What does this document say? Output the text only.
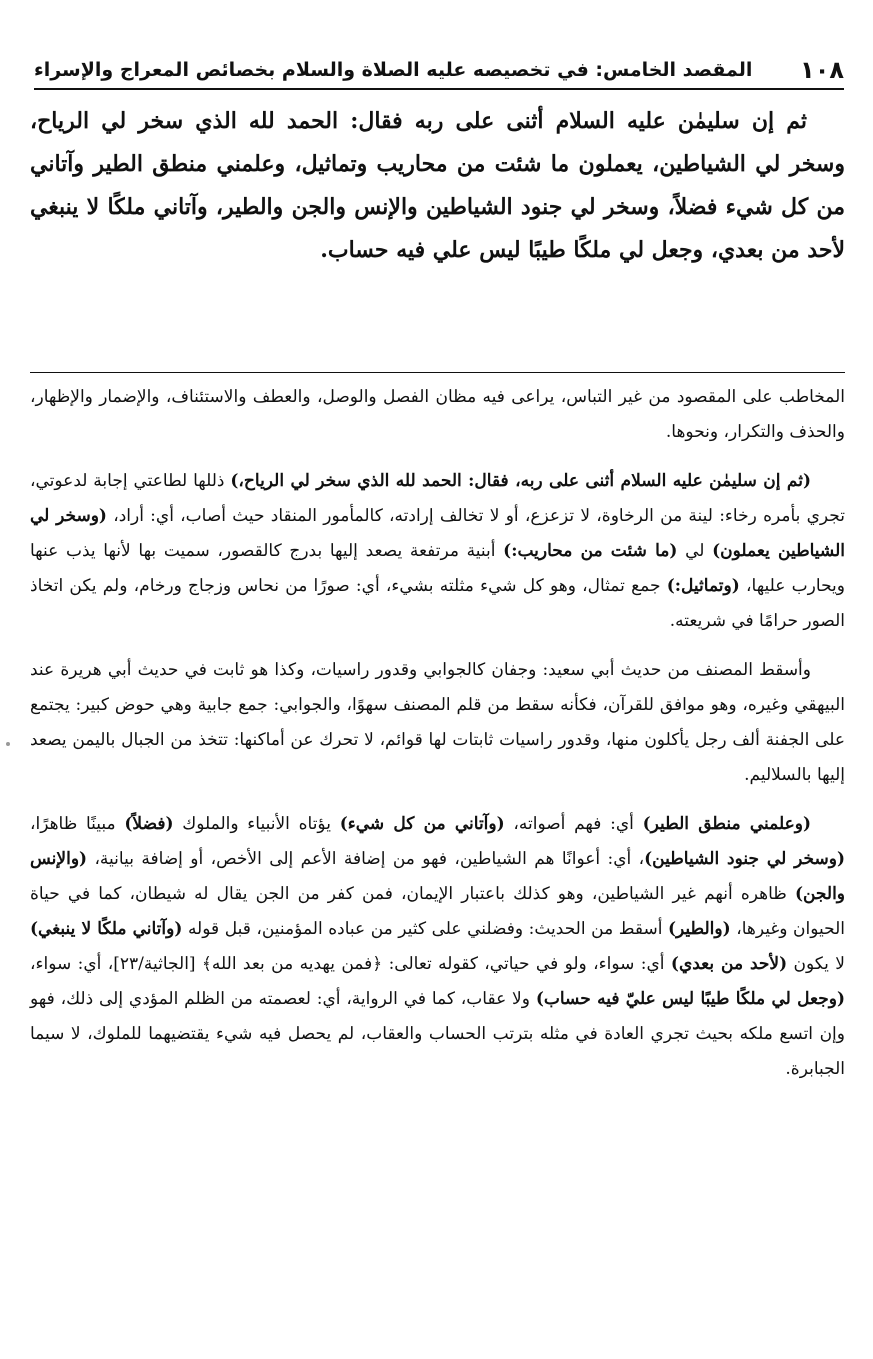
١٠٨
المقصد الخامس: في تخصيصه عليه الصلاة والسلام بخصائص المعراج والإسراء

ثم إن سليمٰن عليه السلام أثنى على ربه فقال: الحمد لله الذي سخر لي الرياح، وسخر لي الشياطين، يعملون ما شئت من محاريب وتماثيل، وعلمني منطق الطير وآتاني من كل شيء فضلاً، وسخر لي جنود الشياطين والإنس والجن والطير، وآتاني ملكًا لا ينبغي لأحد من بعدي، وجعل لي ملكًا طيبًا ليس علي فيه حساب.

المخاطب على المقصود من غير التباس، يراعى فيه مظان الفصل والوصل، والعطف والاستئناف، والإضمار والإظهار، والحذف والتكرار، ونحوها.

(ثم إن سليمٰن عليه السلام أثنى على ربه، فقال: الحمد لله الذي سخر لي الرياح،) ذللها لطاعتي إجابة لدعوتي، تجري بأمره رخاء: لينة من الرخاوة، لا تزعزع، أو لا تخالف إرادته، كالمأمور المنقاد حيث أصاب، أي: أراد، (وسخر لي الشياطين يعملون) لي (ما شئت من محاريب:) أبنية مرتفعة يصعد إليها بدرج كالقصور، سميت بها لأنها يذب عنها ويحارب عليها، (وتماثيل:) جمع تمثال، وهو كل شيء مثلته بشيء، أي: صورًا من نحاس وزجاج ورخام، ولم يكن اتخاذ الصور حرامًا في شريعته.

وأسقط المصنف من حديث أبي سعيد: وجفان كالجوابي وقدور راسيات، وكذا هو ثابت في حديث أبي هريرة عند البيهقي وغيره، وهو موافق للقرآن، فكأنه سقط من قلم المصنف سهوًا، والجوابي: جمع جابية وهي حوض كبير: يجتمع على الجفنة ألف رجل يأكلون منها، وقدور راسيات ثابتات لها قوائم، لا تحرك عن أماكنها: تتخذ من الجبال باليمن يصعد إليها بالسلاليم.

(وعلمني منطق الطير) أي: فهم أصواته، (وآتاني من كل شيء) يؤتاه الأنبياء والملوك (فضلاً) مبينًا ظاهرًا، (وسخر لي جنود الشياطين)، أي: أعوانًا هم الشياطين، فهو من إضافة الأعم إلى الأخص، أو إضافة بيانية، (والإنس والجن) ظاهره أنهم غير الشياطين، وهو كذلك باعتبار الإيمان، فمن كفر من الجن يقال له شيطان، كما في حياة الحيوان وغيرها، (والطير) أسقط من الحديث: وفضلني على كثير من عباده المؤمنين، قبل قوله (وآتاني ملكًا لا ينبغي) لا يكون (لأحد من بعدي) أي: سواء، ولو في حياتي، كقوله تعالى: ﴿فمن يهديه من بعد الله﴾ [الجاثية/٢٣]، أي: سواء، (وجعل لي ملكًا طيبًا ليس عليّ فيه حساب) ولا عقاب، كما في الرواية، أي: لعصمته من الظلم المؤدي إلى ذلك، فهو وإن اتسع ملكه بحيث تجري العادة في مثله بترتب الحساب والعقاب، لم يحصل فيه شيء يقتضيهما للملوك، لا سيما الجبابرة.
